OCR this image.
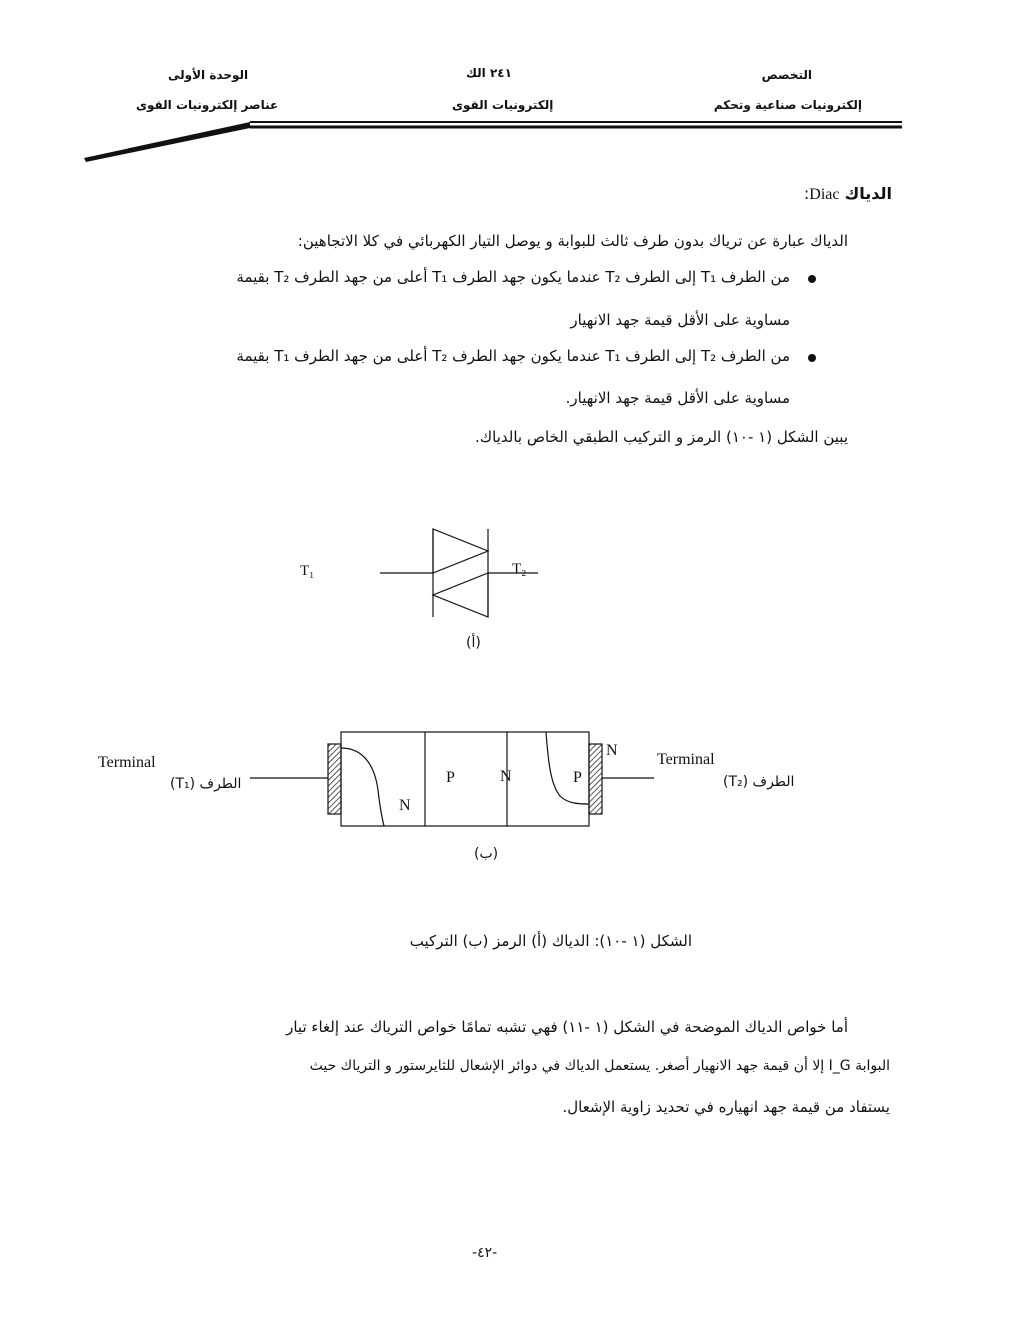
التخصص
إلكترونيات صناعية وتحكم
٢٤١ الك
إلكترونيات القوى
الوحدة الأولى
عناصر إلكترونيات القوى
الدياك Diac:
الدياك عبارة عن ترياك بدون طرف ثالث للبوابة و يوصل التيار الكهربائي في كلا الاتجاهين:
من الطرف T₁ إلى الطرف T₂ عندما يكون جهد الطرف T₁ أعلى من جهد الطرف T₂ بقيمة
مساوية على الأقل قيمة جهد الانهيار
من الطرف T₂ إلى الطرف T₁ عندما يكون جهد الطرف T₂ أعلى من جهد الطرف T₁ بقيمة
مساوية على الأقل قيمة جهد الانهيار.
يبين الشكل (١ -١٠) الرمز و التركيب الطبقي الخاص بالدياك.
T₁	T₂
(أ)
N
P	N	P
N
Terminal
الطرف (T₁)
Terminal
الطرف (T₂)
(ب)
الشكل (١ -١٠): الدياك (أ) الرمز (ب) التركيب
أما خواص الدياك الموضحة في الشكل (١ -١١) فهي تشبه تمامًا خواص الترياك عند إلغاء تيار
البوابة I_G إلا أن قيمة جهد الانهيار أصغر. يستعمل الدياك في دوائر الإشعال للثايرستور و الترياك حيث
يستفاد من قيمة جهد انهياره في تحديد زاوية الإشعال.
-٤٢-
